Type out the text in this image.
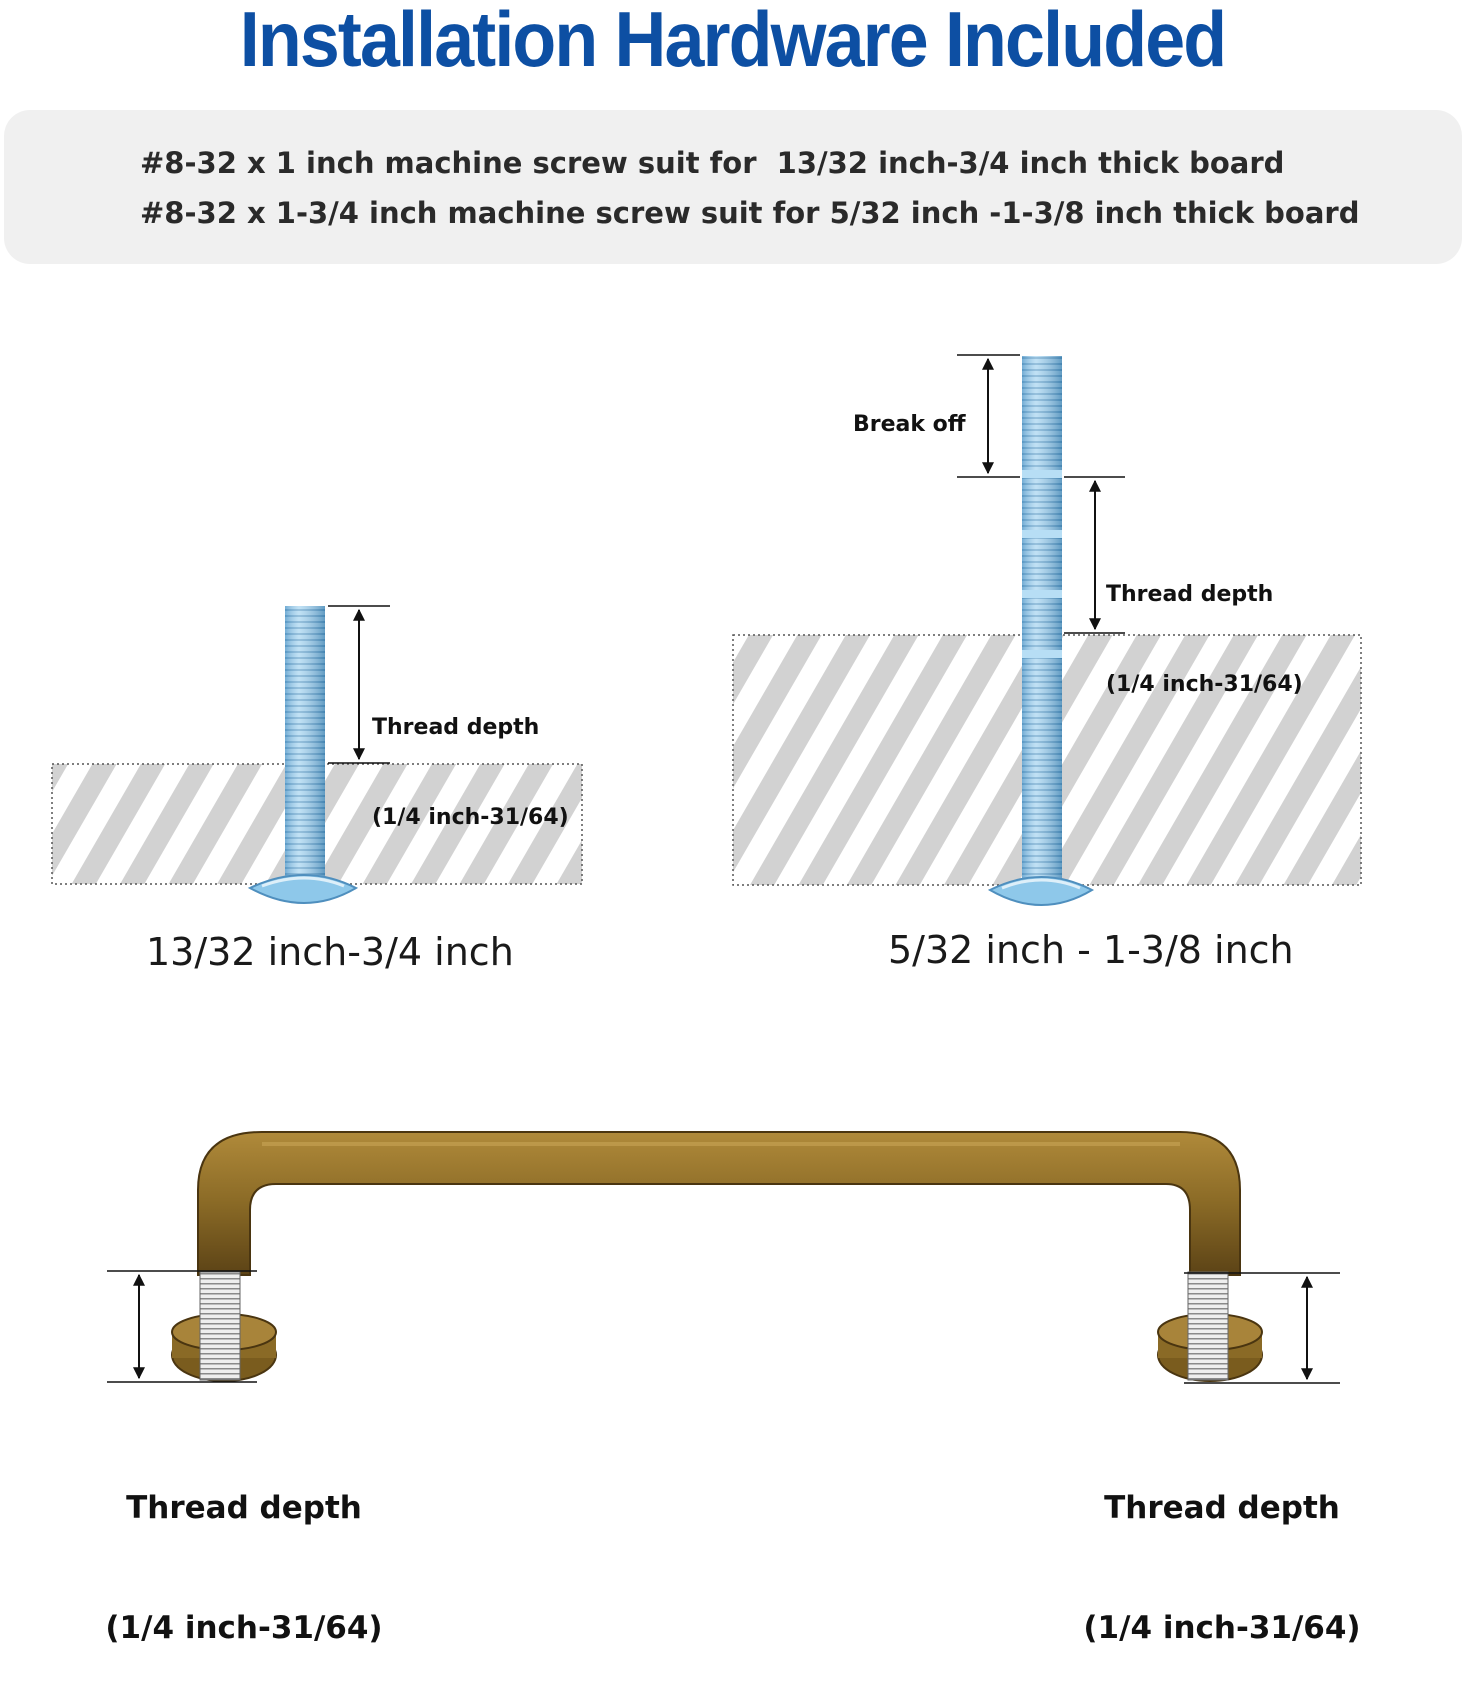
Installation Hardware Included
#8-32 x 1 inch machine screw suit for  13/32 inch-3/4 inch thick board
#8-32 x 1-3/4 inch machine screw suit for 5/32 inch -1-3/8 inch thick board

Thread depth

(1/4 inch-31/64)

13/32 inch-3/4 inch
Break off

Thread depth

(1/4 inch-31/64)

5/32 inch - 1-3/8 inch

Thread depth

(1/4 inch-31/64)

Thread depth

(1/4 inch-31/64)
